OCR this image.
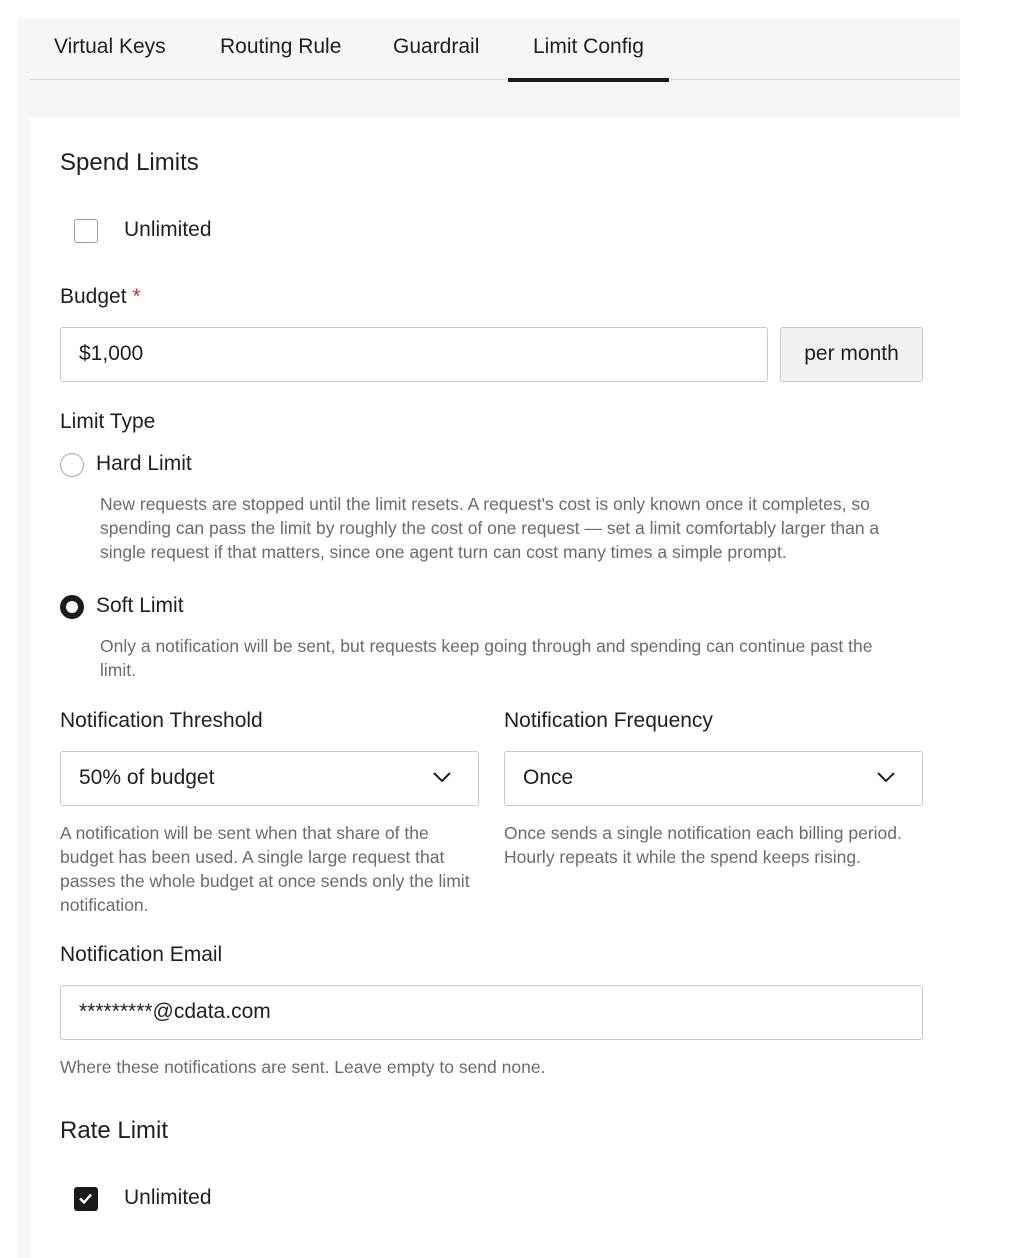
Virtual Keys	Routing Rule Guardrail	Limit Config
Spend Limits
Unlimited
Budget *
$1,000	per month
Limit Type
Hard Limit
New requests are stopped until the limit resets. A request's cost is only known once it completes, so spending can pass the limit by roughly the cost of one request — set a limit comfortably larger than a single request if that matters, since one agent turn can cost many times a simple prompt.
Soft Limit
Only a notification will be sent, but requests keep going through and spending can continue past the limit.
Notification Threshold	Notification Frequency
50% of budget	Once
A notification will be sent when that share of the budget has been used. A single large request that passes the whole budget at once sends only the limit notification.
Once sends a single notification each billing period. Hourly repeats it while the spend keeps rising.
Notification Email
*********@cdata.com
Where these notifications are sent. Leave empty to send none.
Rate Limit
Unlimited
